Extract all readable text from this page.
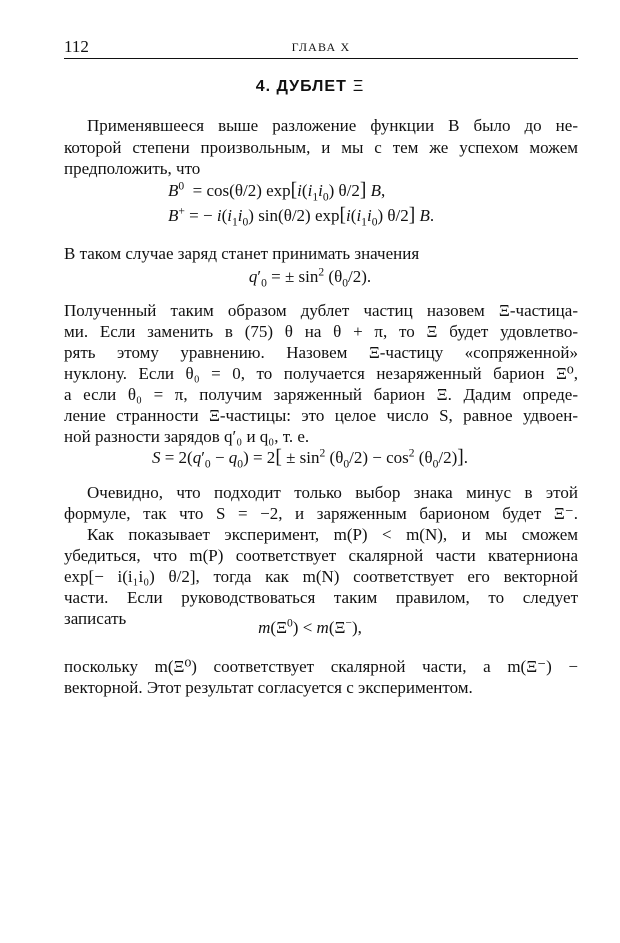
112	ГЛАВА X
4. ДУБЛЕТ Ξ
Применявшееся выше разложение функции B было до не-
которой степени произвольным, и мы с тем же успехом можем
предположить, что
$B^0 = \cos(\theta/2)$ $\exp[i(i_1i_0)$ θ/2] B,
B+ = − $i(i_1i_0)$ sin(θ/2) $\exp[i(i_1i_0)$ θ/2] B.
В таком случае заряд станет принимать значения
$q'_0$ = ± $\sin^2 (\theta_0/2)$.
Полученный таким образом дублет частиц назовем Ξ-частица-
ми. Если заменить в (75) θ на θ + π, то Ξ будет удовлетво-
рять этому уравнению. Назовем Ξ-частицу «сопряженной»
нуклону. Если θ₀ = 0, то получается незаряженный барион Ξ⁰,
а если θ₀ = π, получим заряженный барион Ξ. Дадим опреде-
ление странности Ξ-частицы: это целое число S, равное удвоен-
ной разности зарядов q′₀ и q₀, т. е.
$S = 2(q'_0 - q_0) = 2[ \pm \sin^2 (\theta_0/2) - \cos^2 (\theta_0/2)]$.
Очевидно, что подходит только выбор знака минус в этой
формуле, так что S = −2, и заряженным барионом будет Ξ⁻.
Как показывает эксперимент, m(P) < m(N), и мы сможем
убедиться, что m(P) соответствует скалярной части кватерниона
exp[− i(i₁i₀) θ/2], тогда как m(N) соответствует его векторной
части. Если руководствоваться таким правилом, то следует
записать	$m(\Xi^0) < m(\Xi^-)$,
поскольку m(Ξ⁰) соответствует скалярной части, а m(Ξ⁻) −
векторной. Этот результат согласуется с экспериментом.
